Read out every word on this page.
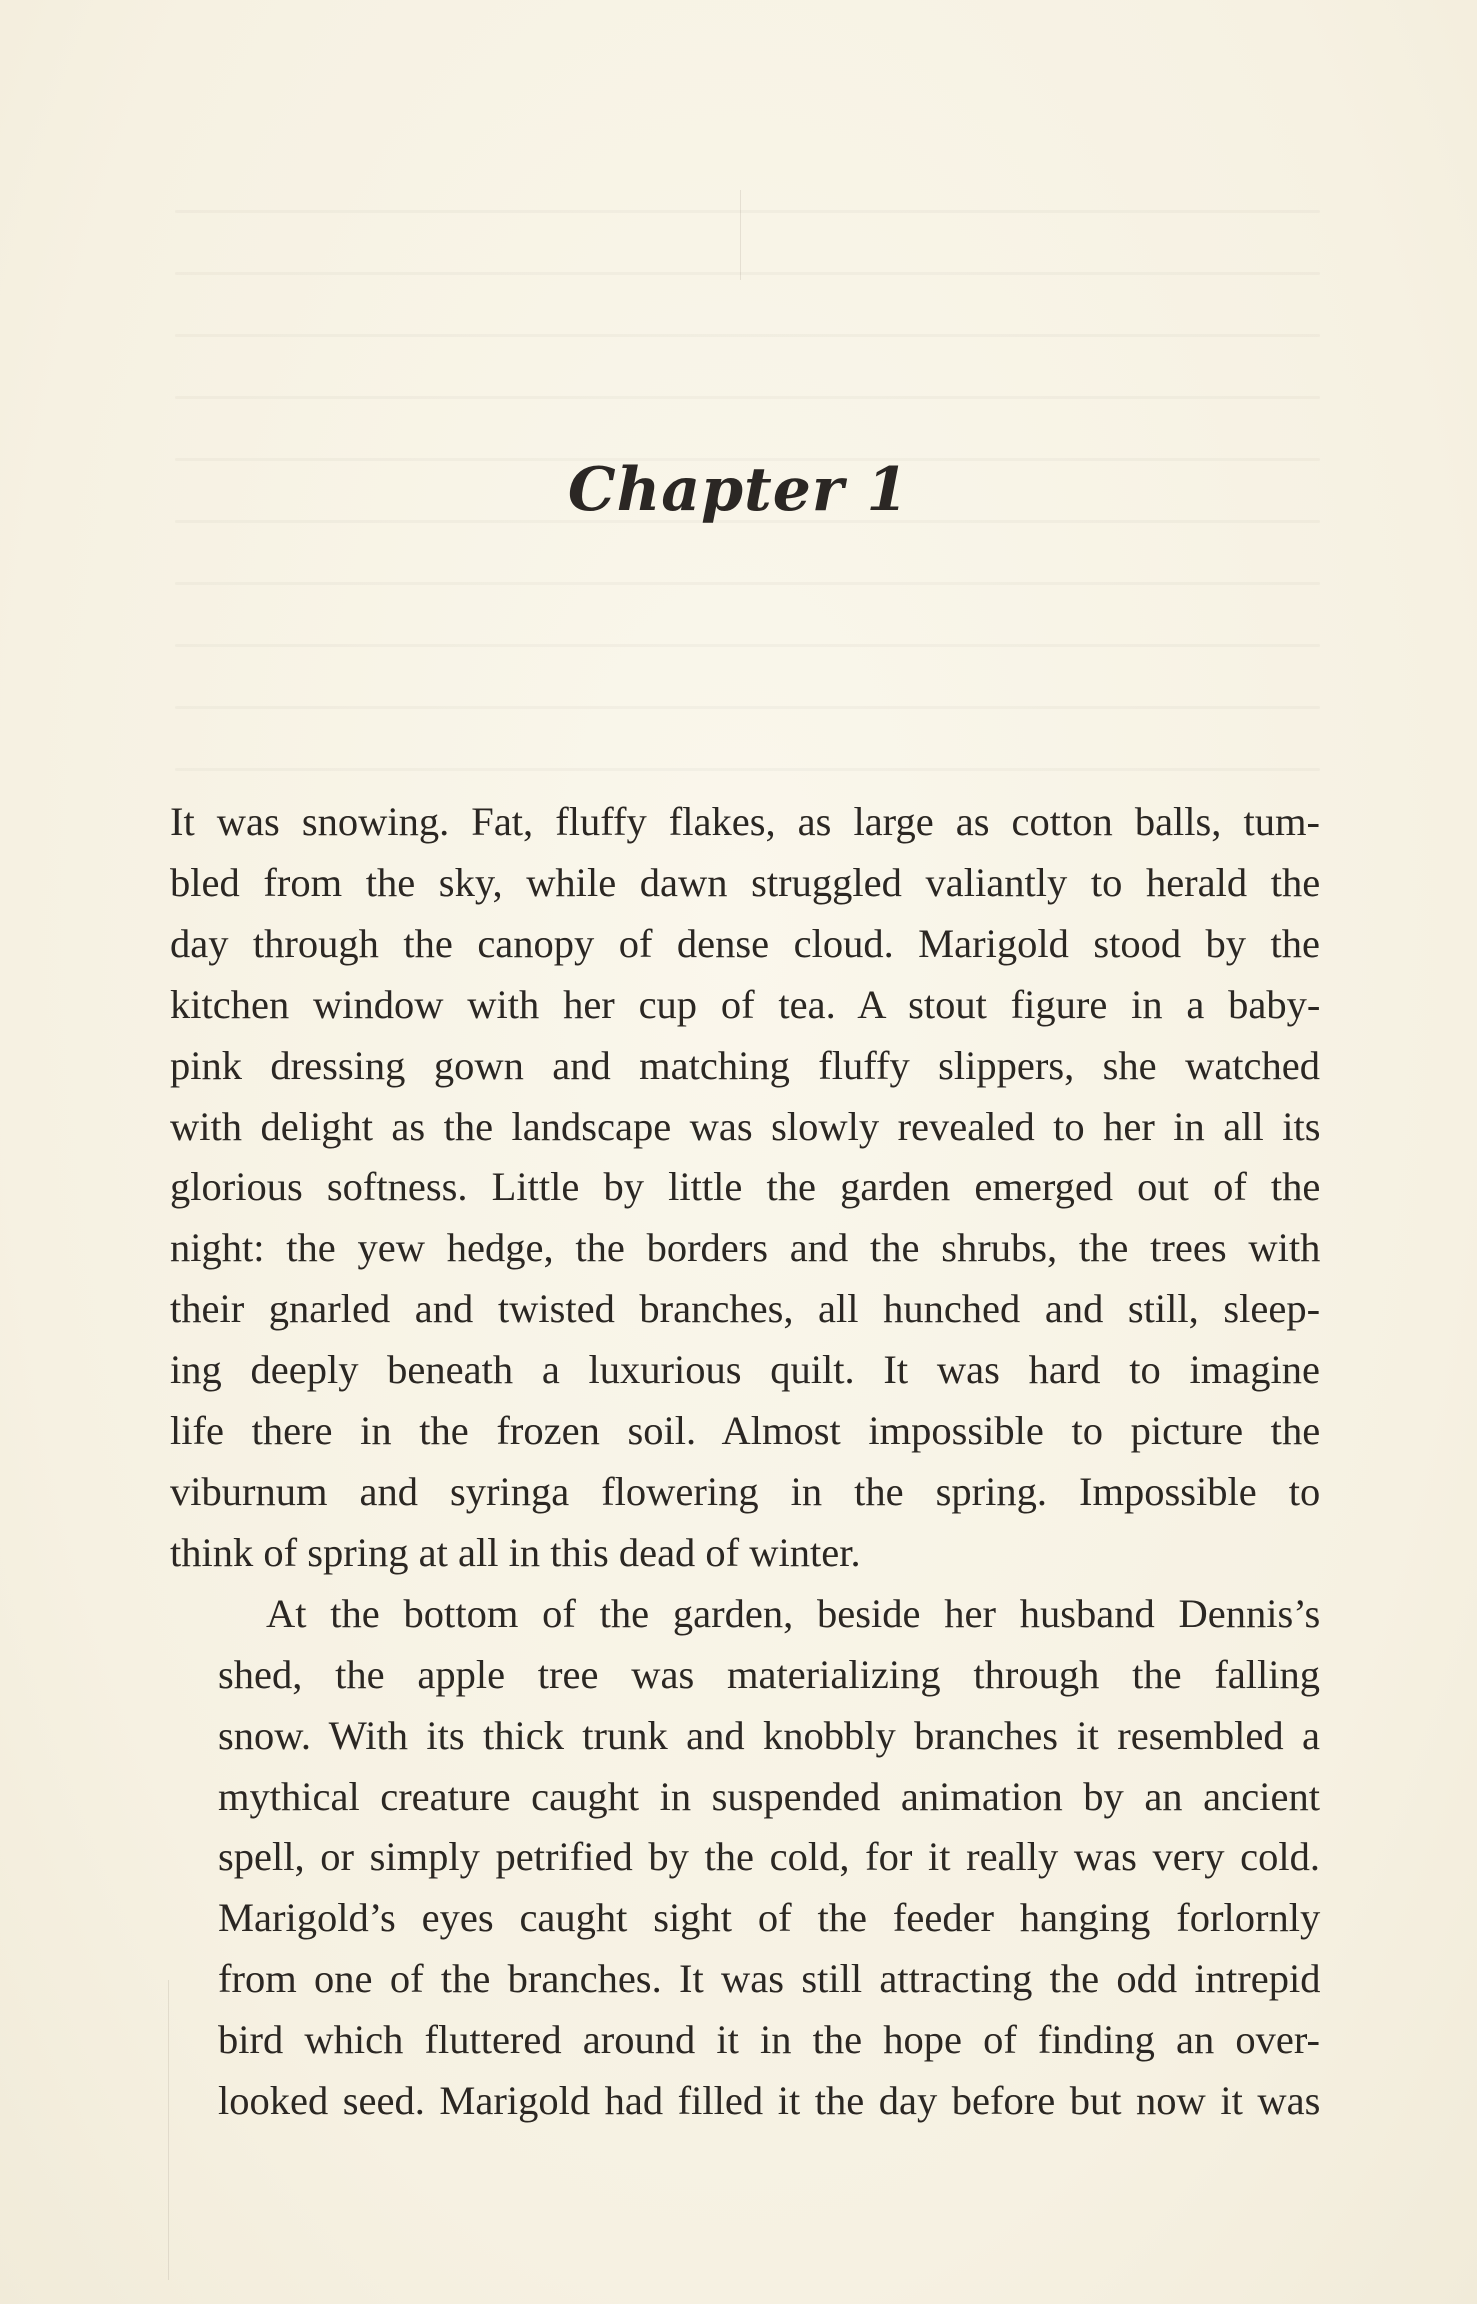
Chapter 1

It was snowing. Fat, fluffy flakes, as large as cotton balls, tum-
bled from the sky, while dawn struggled valiantly to herald the
day through the canopy of dense cloud. Marigold stood by the
kitchen window with her cup of tea. A stout figure in a baby-
pink dressing gown and matching fluffy slippers, she watched
with delight as the landscape was slowly revealed to her in all its
glorious softness. Little by little the garden emerged out of the
night: the yew hedge, the borders and the shrubs, the trees with
their gnarled and twisted branches, all hunched and still, sleep-
ing deeply beneath a luxurious quilt. It was hard to imagine
life there in the frozen soil. Almost impossible to picture the
viburnum and syringa flowering in the spring. Impossible to
think of spring at all in this dead of winter.

At the bottom of the garden, beside her husband Dennis’s
shed, the apple tree was materializing through the falling
snow. With its thick trunk and knobbly branches it resembled a
mythical creature caught in suspended animation by an ancient
spell, or simply petrified by the cold, for it really was very cold.
Marigold’s eyes caught sight of the feeder hanging forlornly
from one of the branches. It was still attracting the odd intrepid
bird which fluttered around it in the hope of finding an over-
looked seed. Marigold had filled it the day before but now it was
